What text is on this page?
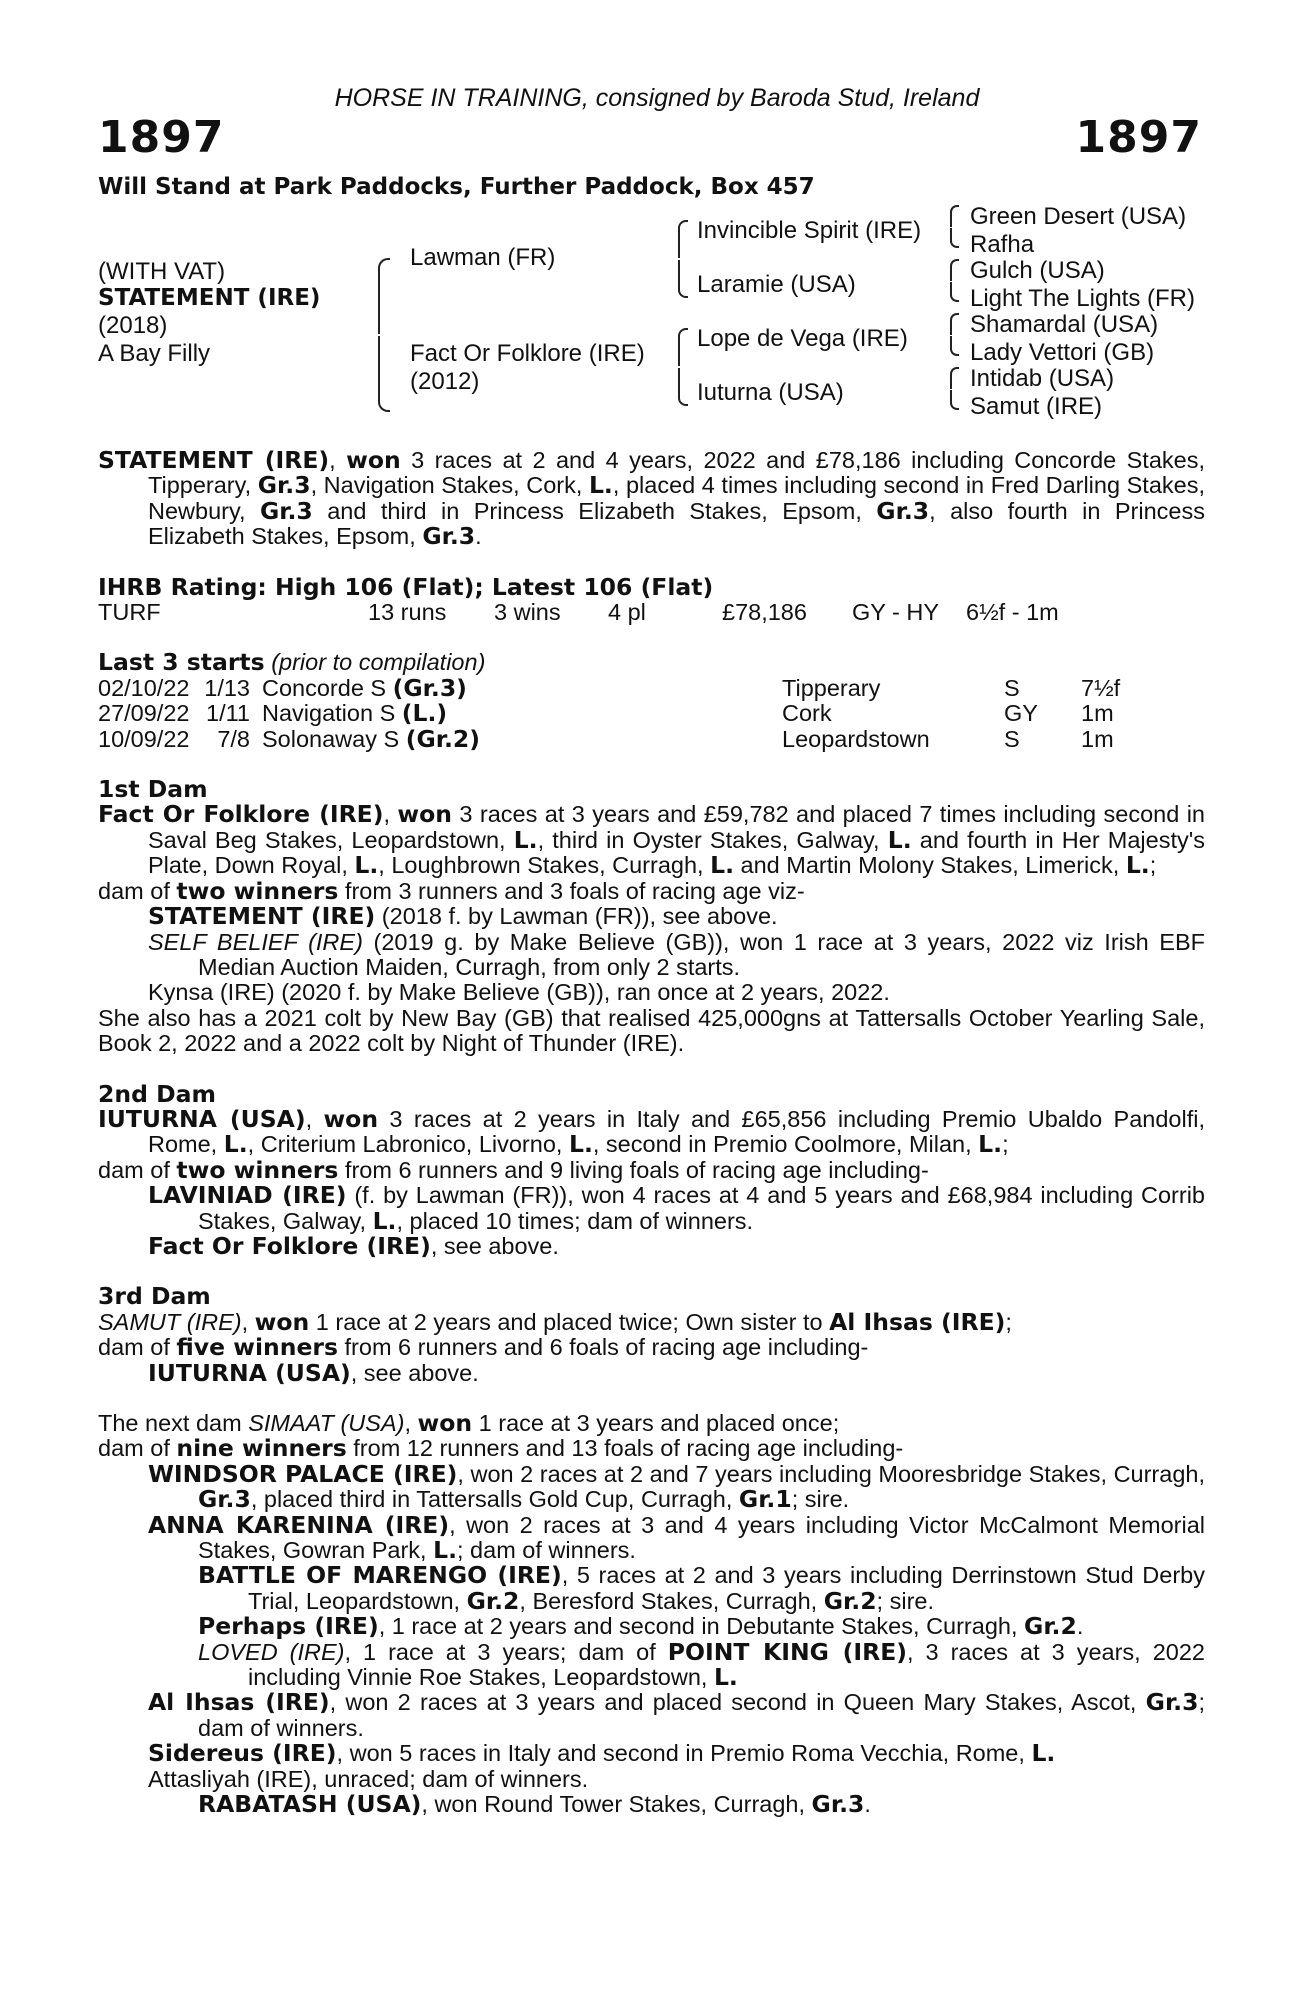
HORSE IN TRAINING, consigned by Baroda Stud, Ireland
1897	1897
Will Stand at Park Paddocks, Further Paddock, Box 457
(WITH VAT)
STATEMENT (IRE)
(2018)
A Bay Filly
Lawman (FR)
Fact Or Folklore (IRE)
(2012)
Invincible Spirit (IRE)
Laramie (USA)
Lope de Vega (IRE)
Iuturna (USA)
Green Desert (USA)
Rafha
Gulch (USA)
Light The Lights (FR)
Shamardal (USA)
Lady Vettori (GB)
Intidab (USA)
Samut (IRE)

STATEMENT (IRE), won 3 races at 2 and 4 years, 2022 and £78,186 including Concorde Stakes, Tipperary, Gr.3, Navigation Stakes, Cork, L., placed 4 times including second in Fred Darling Stakes, Newbury, Gr.3 and third in Princess Elizabeth Stakes, Epsom, Gr.3, also fourth in Princess Elizabeth Stakes, Epsom, Gr.3.

IHRB Rating: High 106 (Flat); Latest 106 (Flat)

TURF	13 runs	3 wins	4 pl	£78,186	GY - HY	6½f - 1m

Last 3 starts (prior to compilation)

02/10/22 1/13 Concorde S (Gr.3)	Tipperary	S	7½f
27/09/22 1/11 Navigation S (L.)	Cork	GY	1m
10/09/22	7/8 Solonaway S (Gr.2)	Leopardstown	S	1m

1st Dam

Fact Or Folklore (IRE), won 3 races at 3 years and £59,782 and placed 7 times including second in Saval Beg Stakes, Leopardstown, L., third in Oyster Stakes, Galway, L. and fourth in Her Majesty's Plate, Down Royal, L., Loughbrown Stakes, Curragh, L. and Martin Molony Stakes, Limerick, L.;

dam of two winners from 3 runners and 3 foals of racing age viz-

STATEMENT (IRE) (2018 f. by Lawman (FR)), see above.

SELF BELIEF (IRE) (2019 g. by Make Believe (GB)), won 1 race at 3 years, 2022 viz Irish EBF Median Auction Maiden, Curragh, from only 2 starts.

Kynsa (IRE) (2020 f. by Make Believe (GB)), ran once at 2 years, 2022.

She also has a 2021 colt by New Bay (GB) that realised 425,000gns at Tattersalls October Yearling Sale, Book 2, 2022 and a 2022 colt by Night of Thunder (IRE).

2nd Dam

IUTURNA (USA), won 3 races at 2 years in Italy and £65,856 including Premio Ubaldo Pandolfi, Rome, L., Criterium Labronico, Livorno, L., second in Premio Coolmore, Milan, L.;

dam of two winners from 6 runners and 9 living foals of racing age including-

LAVINIAD (IRE) (f. by Lawman (FR)), won 4 races at 4 and 5 years and £68,984 including Corrib Stakes, Galway, L., placed 10 times; dam of winners.

Fact Or Folklore (IRE), see above.

3rd Dam

SAMUT (IRE), won 1 race at 2 years and placed twice; Own sister to Al Ihsas (IRE);

dam of five winners from 6 runners and 6 foals of racing age including-

IUTURNA (USA), see above.

The next dam SIMAAT (USA), won 1 race at 3 years and placed once;

dam of nine winners from 12 runners and 13 foals of racing age including-

WINDSOR PALACE (IRE), won 2 races at 2 and 7 years including Mooresbridge Stakes, Curragh, Gr.3, placed third in Tattersalls Gold Cup, Curragh, Gr.1; sire.

ANNA KARENINA (IRE), won 2 races at 3 and 4 years including Victor McCalmont Memorial Stakes, Gowran Park, L.; dam of winners.

BATTLE OF MARENGO (IRE), 5 races at 2 and 3 years including Derrinstown Stud Derby Trial, Leopardstown, Gr.2, Beresford Stakes, Curragh, Gr.2; sire.

Perhaps (IRE), 1 race at 2 years and second in Debutante Stakes, Curragh, Gr.2.

LOVED (IRE), 1 race at 3 years; dam of POINT KING (IRE), 3 races at 3 years, 2022 including Vinnie Roe Stakes, Leopardstown, L.

Al Ihsas (IRE), won 2 races at 3 years and placed second in Queen Mary Stakes, Ascot, Gr.3; dam of winners.

Sidereus (IRE), won 5 races in Italy and second in Premio Roma Vecchia, Rome, L.

Attasliyah (IRE), unraced; dam of winners.

RABATASH (USA), won Round Tower Stakes, Curragh, Gr.3.
